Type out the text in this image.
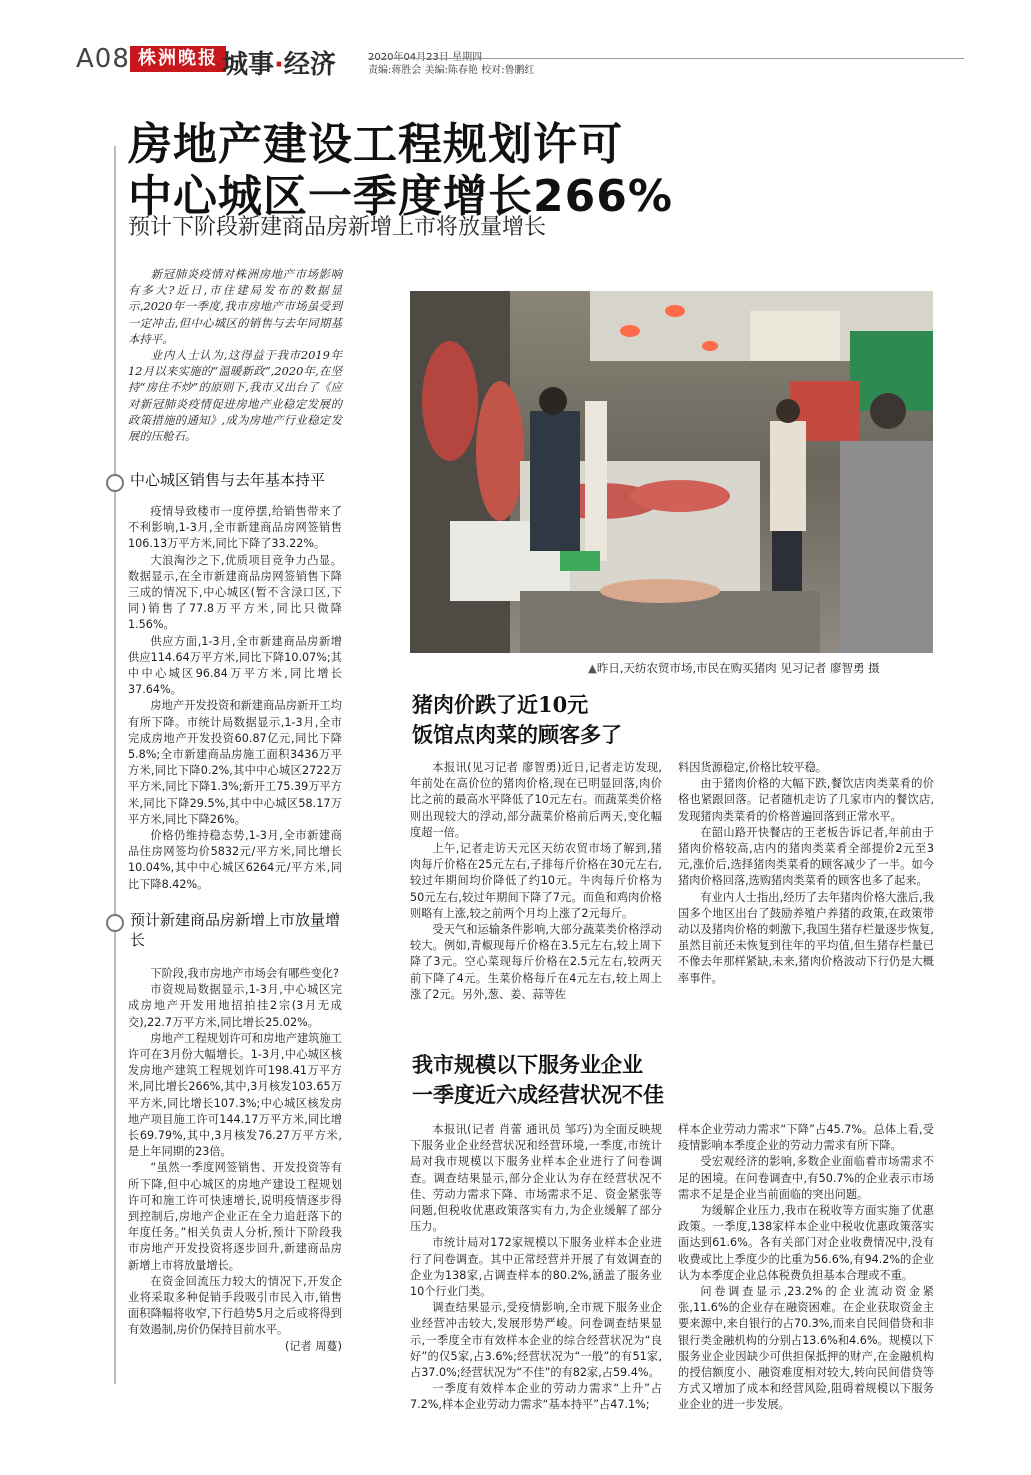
A08 株洲晚报 城事·经济	2020年04月23日 星期四
责编:蒋胜会 美编:陈春艳 校对:鲁鹏红
房地产建设工程规划许可
中心城区一季度增长266%
预计下阶段新建商品房新增上市将放量增长

新冠肺炎疫情对株洲房地产市场影响有多大?近日,市住建局发布的数据显示,2020年一季度,我市房地产市场虽受到一定冲击,但中心城区的销售与去年同期基本持平。

业内人士认为,这得益于我市2019年12月以来实施的“温暖新政”,2020年,在坚持“房住不炒”的原则下,我市又出台了《应对新冠肺炎疫情促进房地产业稳定发展的政策措施的通知》,成为房地产行业稳定发展的压舱石。

中心城区销售与去年基本持平

疫情导致楼市一度停摆,给销售带来了不利影响,1-3月,全市新建商品房网签销售106.13万平方米,同比下降了33.22%。

大浪淘沙之下,优质项目竞争力凸显。数据显示,在全市新建商品房网签销售下降三成的情况下,中心城区(暂不含渌口区,下同)销售了77.8万平方米,同比只微降1.56%。

供应方面,1-3月,全市新建商品房新增供应114.64万平方米,同比下降10.07%;其中中心城区96.84万平方米,同比增长37.64%。

房地产开发投资和新建商品房新开工均有所下降。市统计局数据显示,1-3月,全市完成房地产开发投资60.87亿元,同比下降5.8%;全市新建商品房施工面积3436万平方米,同比下降0.2%,其中中心城区2722万平方米,同比下降1.3%;新开工75.39万平方米,同比下降29.5%,其中中心城区58.17万平方米,同比下降26%。

价格仍维持稳态势,1-3月,全市新建商品住房网签均价5832元/平方米,同比增长10.04%,其中中心城区6264元/平方米,同比下降8.42%。

预计新建商品房新增上市放量增长

下阶段,我市房地产市场会有哪些变化?

市资规局数据显示,1-3月,中心城区完成房地产开发用地招拍挂2宗(3月无成交),22.7万平方米,同比增长25.02%。

房地产工程规划许可和房地产建筑施工许可在3月份大幅增长。1-3月,中心城区核发房地产建筑工程规划许可198.41万平方米,同比增长266%,其中,3月核发103.65万平方米,同比增长107.3%;中心城区核发房地产项目施工许可144.17万平方米,同比增长69.79%,其中,3月核发76.27万平方米,是上年同期的23倍。

“虽然一季度网签销售、开发投资等有所下降,但中心城区的房地产建设工程规划许可和施工许可快速增长,说明疫情逐步得到控制后,房地产企业正在全力追赶落下的年度任务。”相关负责人分析,预计下阶段我市房地产开发投资将逐步回升,新建商品房新增上市将放量增长。

在资金回流压力较大的情况下,开发企业将采取多种促销手段吸引市民入市,销售面积降幅将收窄,下行趋势5月之后或将得到有效遏制,房价仍保持目前水平。

(记者 周蔓)

▲昨日,天纺农贸市场,市民在购买猪肉 见习记者 廖智勇 摄
猪肉价跌了近10元
饭馆点肉菜的顾客多了

本报讯(见习记者 廖智勇)近日,记者走访发现,年前处在高价位的猪肉价格,现在已明显回落,肉价比之前的最高水平降低了10元左右。而蔬菜类价格则出现较大的浮动,部分蔬菜价格前后两天,变化幅度超一倍。

上午,记者走访天元区天纺农贸市场了解到,猪肉每斤价格在25元左右,子排每斤价格在30元左右,较过年期间均价降低了约10元。牛肉每斤价格为50元左右,较过年期间下降了7元。而鱼和鸡肉价格则略有上涨,较之前两个月均上涨了2元每斤。

受天气和运输条件影响,大部分蔬菜类价格浮动较大。例如,青椒现每斤价格在3.5元左右,较上周下降了3元。空心菜现每斤价格在2.5元左右,较两天前下降了4元。生菜价格每斤在4元左右,较上周上涨了2元。另外,葱、姜、蒜等佐

料因货源稳定,价格比较平稳。

由于猪肉价格的大幅下跌,餐饮店肉类菜肴的价格也紧跟回落。记者随机走访了几家市内的餐饮店,发现猪肉类菜肴的价格普遍回落到正常水平。

在韶山路开快餐店的王老板告诉记者,年前由于猪肉价格较高,店内的猪肉类菜肴全部提价2元至3元,涨价后,选择猪肉类菜肴的顾客减少了一半。如今猪肉价格回落,选购猪肉类菜肴的顾客也多了起来。

有业内人士指出,经历了去年猪肉价格大涨后,我国多个地区出台了鼓励养殖户养猪的政策,在政策带动以及猪肉价格的刺激下,我国生猪存栏量逐步恢复,虽然目前还未恢复到往年的平均值,但生猪存栏量已不像去年那样紧缺,未来,猪肉价格波动下行仍是大概率事件。

我市规模以下服务业企业
一季度近六成经营状况不佳

本报讯(记者 肖蕾 通讯员 邹巧)为全面反映规下服务业企业经营状况和经营环境,一季度,市统计局对我市规模以下服务业样本企业进行了问卷调查。调查结果显示,部分企业认为存在经营状况不佳、劳动力需求下降、市场需求不足、资金紧张等问题,但税收优惠政策落实有力,为企业缓解了部分压力。

市统计局对172家规模以下服务业样本企业进行了问卷调查。其中正常经营并开展了有效调查的企业为138家,占调查样本的80.2%,涵盖了服务业10个行业门类。

调查结果显示,受疫情影响,全市规下服务业企业经营冲击较大,发展形势严峻。问卷调查结果显示,一季度全市有效样本企业的综合经营状况为“良好”的仅5家,占3.6%;经营状况为“一般”的有51家,占37.0%;经营状况为“不佳”的有82家,占59.4%。

一季度有效样本企业的劳动力需求“上升”占7.2%,样本企业劳动力需求“基本持平”占47.1%;

样本企业劳动力需求“下降”占45.7%。总体上看,受疫情影响本季度企业的劳动力需求有所下降。

受宏观经济的影响,多数企业面临着市场需求不足的困境。在问卷调查中,有50.7%的企业表示市场需求不足是企业当前面临的突出问题。

为缓解企业压力,我市在税收等方面实施了优惠政策。一季度,138家样本企业中税收优惠政策落实面达到61.6%。各有关部门对企业收费情况中,没有收费或比上季度少的比重为56.6%,有94.2%的企业认为本季度企业总体税费负担基本合理或不重。

问卷调查显示,23.2%的企业流动资金紧张,11.6%的企业存在融资困难。在企业获取资金主要来源中,来自银行的占70.3%,而来自民间借贷和非银行类金融机构的分别占13.6%和4.6%。规模以下服务业企业因缺少可供担保抵押的财产,在金融机构的授信额度小、融资难度相对较大,转向民间借贷等方式又增加了成本和经营风险,阻碍着规模以下服务业企业的进一步发展。
